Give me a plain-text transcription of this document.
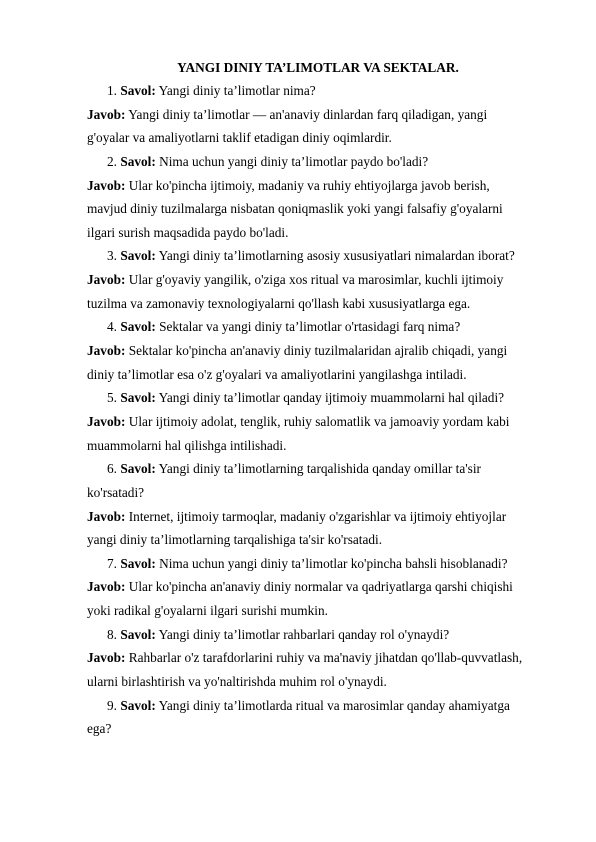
YANGI DINIY TA’LIMOTLAR VA SEKTALAR.
1. Savol: Yangi diniy ta’limotlar nima?
Javob: Yangi diniy ta’limotlar — an'anaviy dinlardan farq qiladigan, yangi
g'oyalar va amaliyotlarni taklif etadigan diniy oqimlardir.
2. Savol: Nima uchun yangi diniy ta’limotlar paydo bo'ladi?
Javob: Ular ko'pincha ijtimoiy, madaniy va ruhiy ehtiyojlarga javob berish,
mavjud diniy tuzilmalarga nisbatan qoniqmaslik yoki yangi falsafiy g'oyalarni
ilgari surish maqsadida paydo bo'ladi.
3. Savol: Yangi diniy ta’limotlarning asosiy xususiyatlari nimalardan iborat?
Javob: Ular g'oyaviy yangilik, o'ziga xos ritual va marosimlar, kuchli ijtimoiy
tuzilma va zamonaviy texnologiyalarni qo'llash kabi xususiyatlarga ega.
4. Savol: Sektalar va yangi diniy ta’limotlar o'rtasidagi farq nima?
Javob: Sektalar ko'pincha an'anaviy diniy tuzilmalaridan ajralib chiqadi, yangi
diniy ta’limotlar esa o'z g'oyalari va amaliyotlarini yangilashga intiladi.
5. Savol: Yangi diniy ta’limotlar qanday ijtimoiy muammolarni hal qiladi?
Javob: Ular ijtimoiy adolat, tenglik, ruhiy salomatlik va jamoaviy yordam kabi
muammolarni hal qilishga intilishadi.
6. Savol: Yangi diniy ta’limotlarning tarqalishida qanday omillar ta'sir
ko'rsatadi?
Javob: Internet, ijtimoiy tarmoqlar, madaniy o'zgarishlar va ijtimoiy ehtiyojlar
yangi diniy ta’limotlarning tarqalishiga ta'sir ko'rsatadi.
7. Savol: Nima uchun yangi diniy ta’limotlar ko'pincha bahsli hisoblanadi?
Javob: Ular ko'pincha an'anaviy diniy normalar va qadriyatlarga qarshi chiqishi
yoki radikal g'oyalarni ilgari surishi mumkin.
8. Savol: Yangi diniy ta’limotlar rahbarlari qanday rol o'ynaydi?
Javob: Rahbarlar o'z tarafdorlarini ruhiy va ma'naviy jihatdan qo'llab-quvvatlash,
ularni birlashtirish va yo'naltirishda muhim rol o'ynaydi.
9. Savol: Yangi diniy ta’limotlarda ritual va marosimlar qanday ahamiyatga
ega?
